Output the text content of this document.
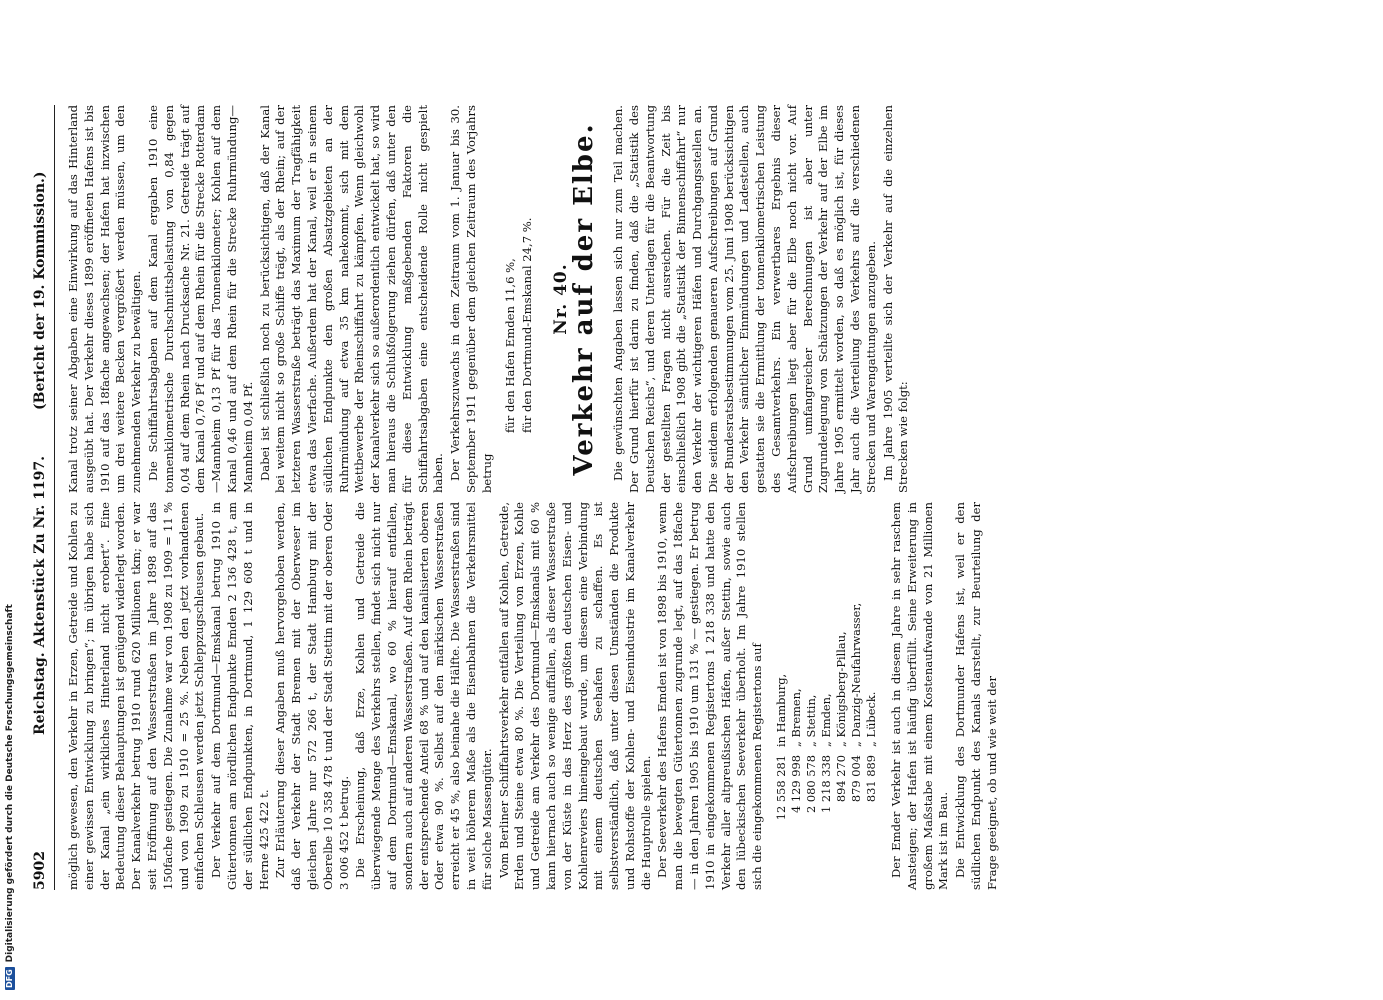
5902
Reichstag. Aktenstück Zu Nr. 1197.
(Bericht der 19. Kommission.)

möglich gewesen, den Verkehr in Erzen, Getreide und Kohlen zu einer gewissen Entwicklung zu bringen“; im übrigen habe sich der Kanal „ein wirkliches Hinterland nicht erobert“. Eine Bedeutung dieser Behauptungen ist genügend widerlegt worden. Der Kanalverkehr betrug 1910 rund 620 Millionen tkm; er war seit Eröffnung auf den Wasserstraßen im Jahre 1898 auf das 150fache gestiegen. Die Zunahme war von 1908 zu 1909 = 11 % und von 1909 zu 1910 = 25 %. Neben den jetzt vorhandenen einfachen Schleusen werden jetzt Schleppzugschleusen gebaut. Der Verkehr auf dem Dortmund—Emskanal betrug 1910 in Gütertonnen am nördlichen Endpunkte Emden 2 136 428 t, am der südlichen Endpunkten, in Dortmund, 1 129 608 t und in Herne 425 422 t. Zur Erläuterung dieser Angaben muß hervorgehoben werden, daß der Verkehr der Stadt Bremen mit der Oberweser im gleichen Jahre nur 572 266 t, der Stadt Hamburg mit der Oberelbe 10 358 478 t und der Stadt Stettin mit der oberen Oder 3 006 452 t betrug. Die Erscheinung, daß Erze, Kohlen und Getreide die überwiegende Menge des Verkehrs stellen, findet sich nicht nur auf dem Dortmund—Emskanal, wo 60 % hierauf entfallen, sondern auch auf anderen Wasserstraßen. Auf dem Rhein beträgt der entsprechende Anteil 68 % und auf den kanalisierten oberen Oder etwa 90 %. Selbst auf den märkischen Wasserstraßen erreicht er 45 %, also beinahe die Hälfte. Die Wasserstraßen sind in weit höherem Maße als die Eisenbahnen die Verkehrsmittel für solche Massengüter. Vom Berliner Schiffahrtsverkehr entfallen auf Kohlen, Getreide, Erden und Steine etwa 80 %. Die Verteilung von Erzen, Kohle und Getreide am Verkehr des Dortmund—Emskanals mit 60 % kann hiernach auch so wenige auffallen, als dieser Wasserstraße von der Küste in das Herz des größten deutschen Eisen- und Kohlenreviers hineingebaut wurde, um diesem eine Verbindung mit einem deutschen Seehafen zu schaffen. Es ist selbstverständlich, daß unter diesen Umständen die Produkte und Rohstoffe der Kohlen- und Eisenindustrie im Kanalverkehr die Hauptrolle spielen. Der Seeverkehr des Hafens Emden ist von 1898 bis 1910, wenn man die bewegten Gütertonnen zugrunde legt, auf das 18fache — in den Jahren 1905 bis 1910 um 131 % — gestiegen. Er betrug 1910 in eingekommenen Registertons 1 218 338 und hatte den Verkehr aller altpreußischen Häfen, außer Stettin, sowie auch den lübeckischen Seeverkehr überholt. Im Jahre 1910 stellen sich die eingekommenen Registertons auf 12 558 281
in Hamburg,
4 129 998
„ Bremen,
2 080 578
„ Stettin,
1 218 338
„ Emden,
894 270
„ Königsberg-Pillau,
879 004
„ Danzig-Neufahrwasser,
831 889
„ Lübeck. Der Emder Verkehr ist auch in diesem Jahre in sehr raschem Ansteigen; der Hafen ist häufig überfüllt. Seine Erweiterung in großem Maßstabe mit einem Kostenaufwande von 21 Millionen Mark ist im Bau. Die Entwicklung des Dortmunder Hafens ist, weil er den südlichen Endpunkt des Kanals darstellt, zur Beurteilung der Frage geeignet, ob und wie weit der

Kanal trotz seiner Abgaben eine Einwirkung auf das Hinterland ausgeübt hat. Der Verkehr dieses 1899 eröffneten Hafens ist bis 1910 auf das 18fache angewachsen; der Hafen hat inzwischen um drei weitere Becken vergrößert werden müssen, um den zunehmenden Verkehr zu bewältigen. Die Schiffahrtsabgaben auf dem Kanal ergaben 1910 eine tonnenkilometrische Durchschnittsbelastung von 0,84 gegen 0,04 auf dem Rhein nach Drucksache Nr. 21. Getreide trägt auf dem Kanal 0,76 Pf und auf dem Rhein für die Strecke Rotterdam—Mannheim 0,13 Pf für das Tonnenkilometer; Kohlen auf dem Kanal 0,46 und auf dem Rhein für die Strecke Ruhrmündung—Mannheim 0,04 Pf. Dabei ist schließlich noch zu berücksichtigen, daß der Kanal bei weitem nicht so große Schiffe trägt, als der Rhein; auf der letzteren Wasserstraße beträgt das Maximum der Tragfähigkeit etwa das Vierfache. Außerdem hat der Kanal, weil er in seinem südlichen Endpunkte den großen Absatzgebieten an der Ruhrmündung auf etwa 35 km nahekommt, sich mit dem Wettbewerbe der Rheinschiffahrt zu kämpfen. Wenn gleichwohl der Kanalverkehr sich so außerordentlich entwickelt hat, so wird man hieraus die Schlußfolgerung ziehen dürfen, daß unter den für diese Entwicklung maßgebenden Faktoren die Schiffahrtsabgaben eine entscheidende Rolle nicht gespielt haben. Der Verkehrszuwachs in dem Zeitraum vom 1. Januar bis 30. September 1911 gegenüber dem gleichen Zeitraum des Vorjahrs betrug

für den Hafen Emden 11,6 %, für den Dortmund-Emskanal 24,7 %. Nr. 40.
Verkehr auf der Elbe. Die gewünschten Angaben lassen sich nur zum Teil machen. Der Grund hierfür ist darin zu finden, daß die „Statistik des Deutschen Reichs“, und deren Unterlagen für die Beantwortung der gestellten Fragen nicht ausreichen. Für die Zeit bis einschließlich 1908 gibt die „Statistik der Binnenschiffahrt“ nur den Verkehr der wichtigeren Häfen und Durchgangsstellen an. Die seitdem erfolgenden genaueren Aufschreibungen auf Grund der Bundesratsbestimmungen vom 25. Juni 1908 berücksichtigen den Verkehr sämtlicher Einmündungen und Ladestellen, auch gestatten sie die Ermittlung der tonnenkilometrischen Leistung des Gesamtverkehrs. Ein verwertbares Ergebnis dieser Aufschreibungen liegt aber für die Elbe noch nicht vor. Auf Grund umfangreicher Berechnungen ist aber unter Zugrundelegung von Schätzungen der Verkehr auf der Elbe im Jahre 1905 ermittelt worden, so daß es möglich ist, für dieses Jahr auch die Verteilung des Verkehrs auf die verschiedenen Strecken und Warengattungen anzugeben. Im Jahre 1905 verteilte sich der Verkehr auf die einzelnen Strecken wie folgt:

DFGDigitalisierung gefördert durch die Deutsche Forschungsgemeinschaft
